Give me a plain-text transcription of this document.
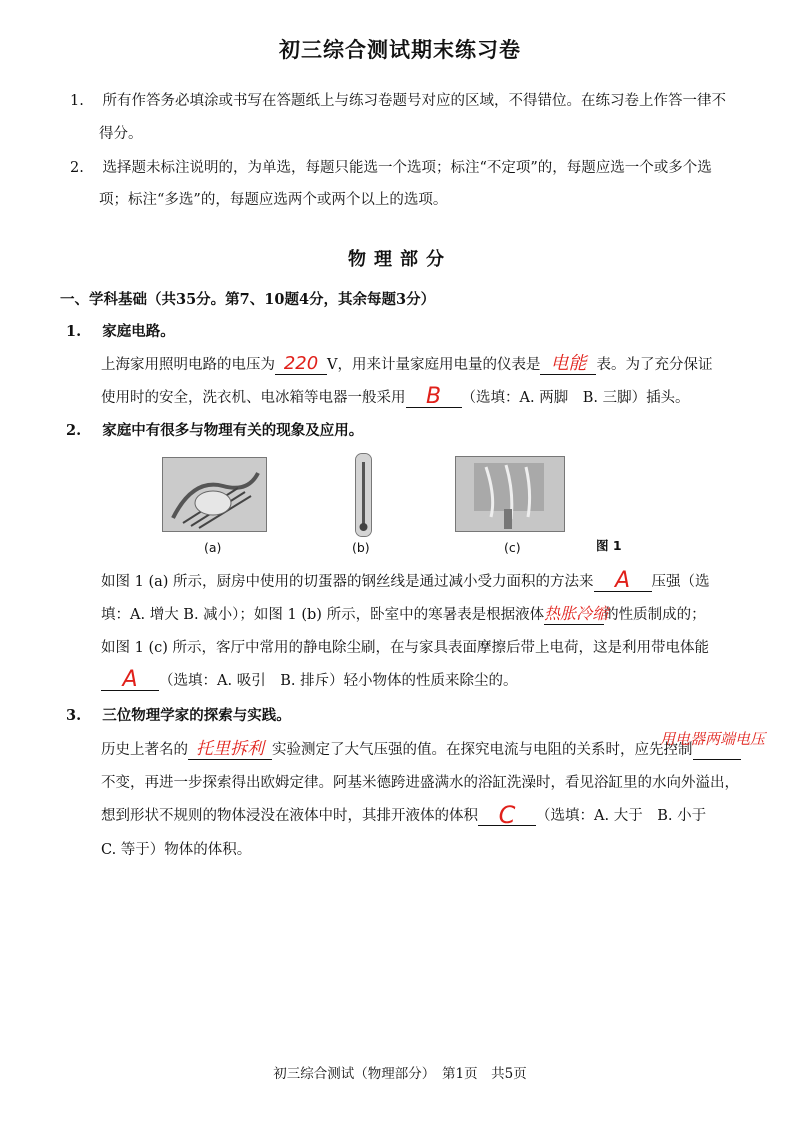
初三综合测试期末练习卷
1. 所有作答务必填涂或书写在答题纸上与练习卷题号对应的区域，不得错位。在练习卷上作答一律不
得分。
2. 选择题未标注说明的，为单选，每题只能选一个选项；标注“不定项”的，每题应选一个或多个选
项；标注“多选”的，每题应选两个或两个以上的选项。
物理部分
一、学科基础（共35分。第7、10题4分，其余每题3分）
1. 家庭电路。
上海家用照明电路的电压为 220 V，用来计量家庭用电量的仪表是 电能 表。为了充分保证
使用时的安全，洗衣机、电冰箱等电器一般采用 B	（选填：A. 两脚　B. 三脚）插头。
2. 家庭中有很多与物理有关的现象及应用。
(a)	(b)	(c)	图 1
如图 1 (a) 所示，厨房中使用的切蛋器的钢丝线是通过减小受力面积的方法来 A	压强（选
填：A. 增大 B. 减小）；如图 1 (b) 所示，卧室中的寒暑表是根据液体 热胀冷缩
的性质制成的；
如图 1 (c) 所示，客厅中常用的静电除尘刷，在与家具表面摩擦后带上电荷，这是利用带电体能
A	（选填：A. 吸引　B. 排斥）轻小物体的性质来除尘的。
3. 三位物理学家的探索与实践。
历史上著名的 托里拆利 实验测定了大气压强的值。在探究电流与电阻的关系时，应先控制
用电器两端电压
不变，再进一步探索得出欧姆定律。阿基米德跨进盛满水的浴缸洗澡时，看见浴缸里的水向外溢出，
想到形状不规则的物体浸没在液体中时，其排开液体的体积 C	（选填：A. 大于　B. 小于
C. 等于）物体的体积。
初三综合测试（物理部分）　第1页　共5页
